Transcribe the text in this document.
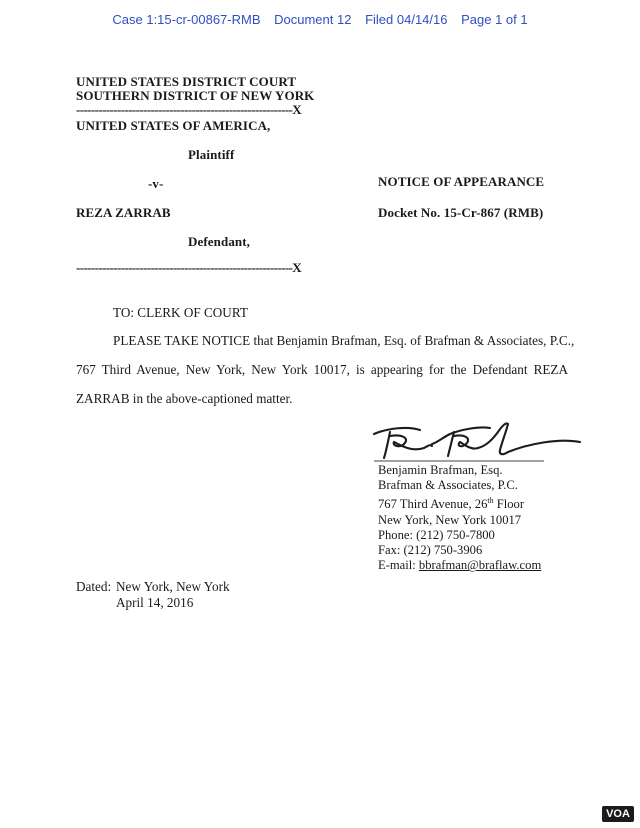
Case 1:15-cr-00867-RMB Document 12 Filed 04/14/16 Page 1 of 1
UNITED STATES DISTRICT COURT
SOUTHERN DISTRICT OF NEW YORK
----------------------------------------------------------X
UNITED STATES OF AMERICA,
Plaintiff
-v-
REZA ZARRAB
Defendant,
----------------------------------------------------------X
NOTICE OF APPEARANCE
Docket No. 15-Cr-867 (RMB)
TO: CLERK OF COURT
PLEASE TAKE NOTICE that Benjamin Brafman, Esq. of Brafman & Associates, P.C.,
767 Third Avenue, New York, New York 10017, is appearing for the Defendant REZA
ZARRAB in the above-captioned matter.
Benjamin Brafman, Esq.
Brafman & Associates, P.C.
767 Third Avenue, 26th Floor
New York, New York 10017
Phone: (212) 750-7800
Fax: (212) 750-3906
E-mail: bbrafman@braflaw.com
Dated: New York, New York
April 14, 2016
VOA
